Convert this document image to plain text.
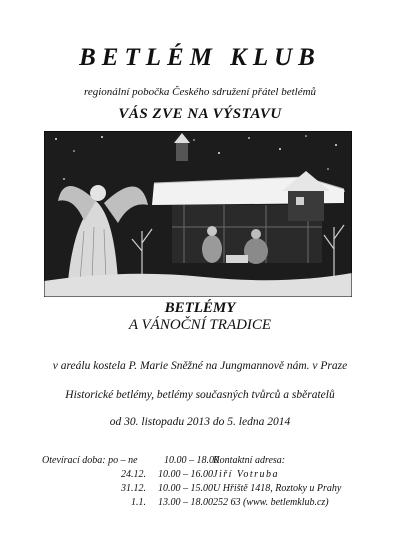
BETLÉM KLUB
regionální pobočka Českého sdružení přátel betlémů
VÁS ZVE NA VÝSTAVU
BETLÉMY
A VÁNOČNÍ TRADICE
v areálu kostela P. Marie Sněžné na Jungmannově nám. v Praze
Historické betlémy, betlémy současných tvůrců a sběratelů
od 30. listopadu 2013 do 5. ledna 2014
Otevírací doba: po – ne	10.00 – 18.00
24.12.	10.00 – 16.00
31.12.	10.00 – 15.00
1.1.	13.00 – 18.00
Kontaktní adresa:
Jiří Votruba
U Hřiště 1418, Roztoky u Prahy
252 63 (www. betlemklub.cz)
